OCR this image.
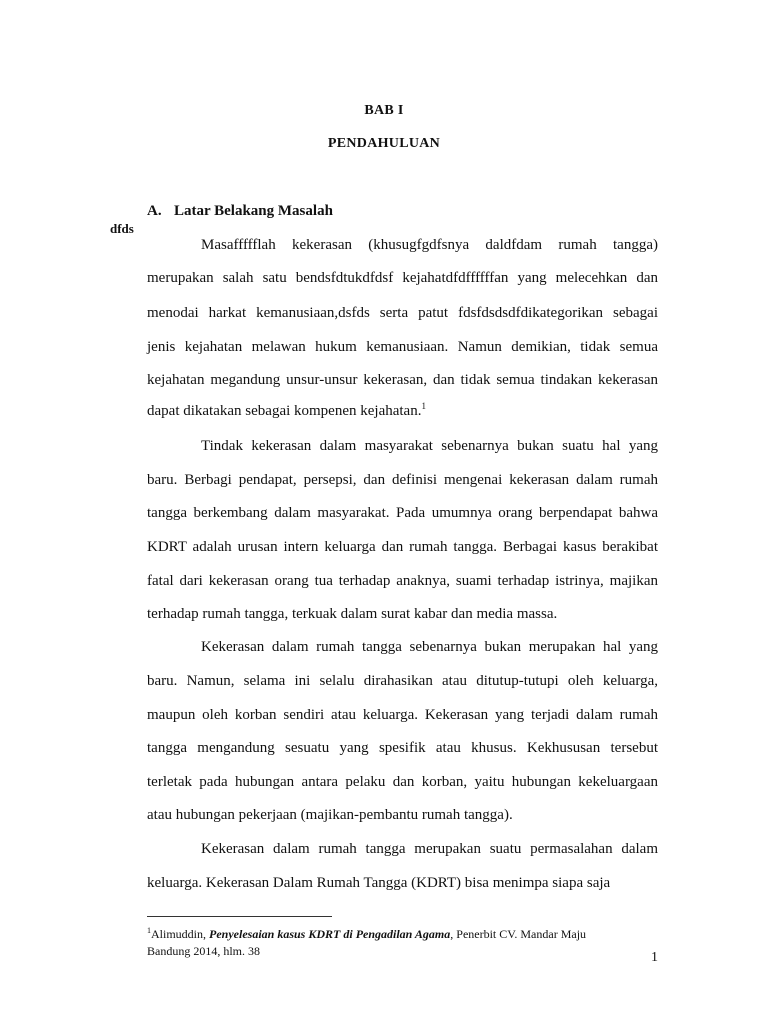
BAB I
PENDAHULUAN
A. Latar Belakang Masalah

dfds

Masaffffflah kekerasan (khusugfgdfsnya daldfdam rumah tangga)

merupakan salah satu bendsfdtukdfdsf kejahatdfdffffffan yang melecehkan dan

menodai harkat kemanusiaan,dsfds serta patut fdsfdsdsdfdikategorikan sebagai

jenis kejahatan melawan hukum kemanusiaan. Namun demikian, tidak semua

kejahatan megandung unsur-unsur kekerasan, dan tidak semua tindakan kekerasan

dapat dikatakan sebagai kompenen kejahatan.$^1$

Tindak kekerasan dalam masyarakat sebenarnya bukan suatu hal yang

baru. Berbagi pendapat, persepsi, dan definisi mengenai kekerasan dalam rumah

tangga berkembang dalam masyarakat. Pada umumnya orang berpendapat bahwa

KDRT adalah urusan intern keluarga dan rumah tangga. Berbagai kasus berakibat

fatal dari kekerasan orang tua terhadap anaknya, suami terhadap istrinya, majikan

terhadap rumah tangga, terkuak dalam surat kabar dan media massa.

Kekerasan dalam rumah tangga sebenarnya bukan merupakan hal yang

baru. Namun, selama ini selalu dirahasikan atau ditutup-tutupi oleh keluarga,

maupun oleh korban sendiri atau keluarga. Kekerasan yang terjadi dalam rumah

tangga mengandung sesuatu yang spesifik atau khusus. Kekhususan tersebut

terletak pada hubungan antara pelaku dan korban, yaitu hubungan kekeluargaan

atau hubungan pekerjaan (majikan-pembantu rumah tangga).

Kekerasan dalam rumah tangga merupakan suatu permasalahan dalam

keluarga. Kekerasan Dalam Rumah Tangga (KDRT) bisa menimpa siapa saja

$^1$Alimuddin, Penyelesaian kasus KDRT di Pengadilan Agama, Penerbit CV. Mandar Maju
Bandung 2014, hlm. 38	1
